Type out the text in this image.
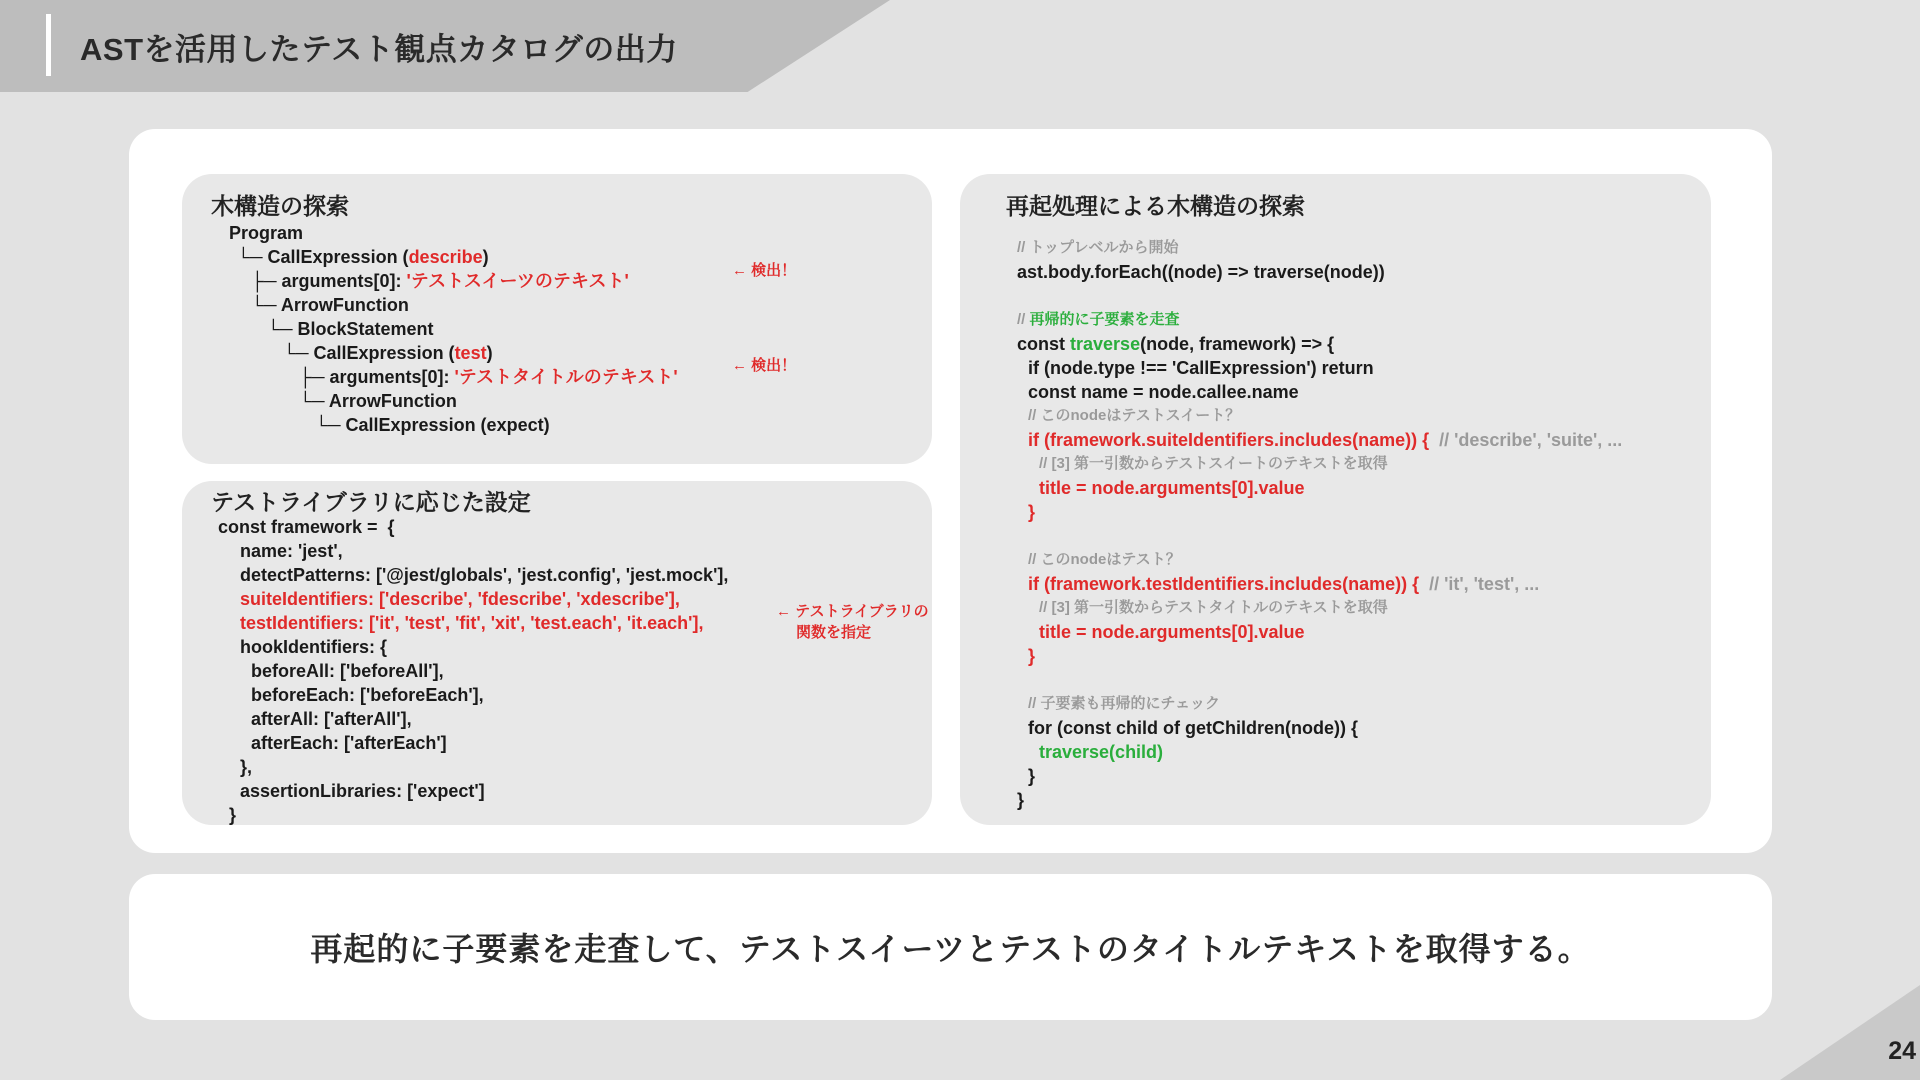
ASTを活用したテスト観点カタログの出力
木構造の探索
Program
└─ CallExpression (describe)
├─ arguments[0]: 'テストスイーツのテキスト'
└─ ArrowFunction
└─ BlockStatement
└─ CallExpression (test)
├─ arguments[0]: 'テストタイトルのテキスト'
└─ ArrowFunction
└─ CallExpression (expect)
← 検出！
← 検出！
テストライブラリに応じた設定
const framework =  {
name: 'jest',
detectPatterns: ['@jest/globals', 'jest.config', 'jest.mock'],
suiteIdentifiers: ['describe', 'fdescribe', 'xdescribe'],
testIdentifiers: ['it', 'test', 'fit', 'xit', 'test.each', 'it.each'],
hookIdentifiers: {
beforeAll: ['beforeAll'],
beforeEach: ['beforeEach'],
afterAll: ['afterAll'],
afterEach: ['afterEach']
},
assertionLibraries: ['expect']
}
← テストライブラリの
関数を指定
再起処理による木構造の探索
// トップレベルから開始
ast.body.forEach((node) => traverse(node))
// 再帰的に子要素を走査
const traverse(node, framework) => {
if (node.type !== 'CallExpression') return
const name = node.callee.name
// このnodeはテストスイート？
if (framework.suiteIdentifiers.includes(name)) {  // 'describe', 'suite', ...
// [3] 第一引数からテストスイートのテキストを取得
title = node.arguments[0].value
}
// このnodeはテスト？
if (framework.testIdentifiers.includes(name)) {  // 'it', 'test', ...
// [3] 第一引数からテストタイトルのテキストを取得
title = node.arguments[0].value
}
// 子要素も再帰的にチェック
for (const child of getChildren(node)) {
traverse(child)
}
}
再起的に子要素を走査して、テストスイーツとテストのタイトルテキストを取得する。
24
